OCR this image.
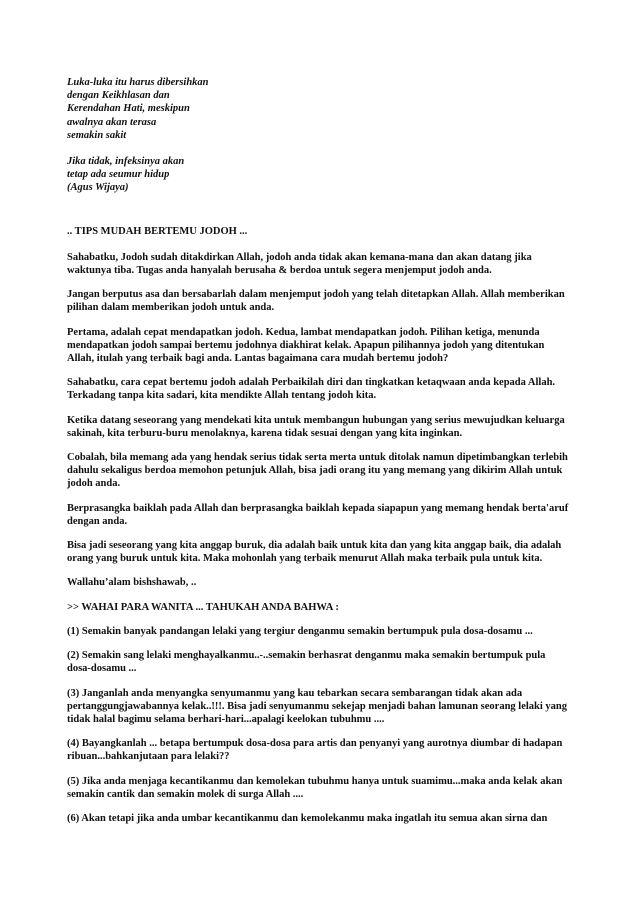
Luka-luka itu harus dibersihkan
dengan Keikhlasan dan
Kerendahan Hati, meskipun
awalnya akan terasa
semakin sakit
Jika tidak, infeksinya akan
tetap ada seumur hidup
(Agus Wijaya)
.. TIPS MUDAH BERTEMU JODOH ...

Sahabatku, Jodoh sudah ditakdirkan Allah, jodoh anda tidak akan kemana-mana dan akan datang jika waktunya tiba. Tugas anda hanyalah berusaha & berdoa untuk segera menjemput jodoh anda.

Jangan berputus asa dan bersabarlah dalam menjemput jodoh yang telah ditetapkan Allah. Allah memberikan pilihan dalam memberikan jodoh untuk anda.

Pertama, adalah cepat mendapatkan jodoh. Kedua, lambat mendapatkan jodoh. Pilihan ketiga, menunda mendapatkan jodoh sampai bertemu jodohnya diakhirat kelak. Apapun pilihannya jodoh yang ditentukan Allah, itulah yang terbaik bagi anda. Lantas bagaimana cara mudah bertemu jodoh?

Sahabatku, cara cepat bertemu jodoh adalah Perbaikilah diri dan tingkatkan ketaqwaan anda kepada Allah. Terkadang tanpa kita sadari, kita mendikte Allah tentang jodoh kita.

Ketika datang seseorang yang mendekati kita untuk membangun hubungan yang serius mewujudkan keluarga sakinah, kita terburu-buru menolaknya, karena tidak sesuai dengan yang kita inginkan.

Cobalah, bila memang ada yang hendak serius tidak serta merta untuk ditolak namun dipetimbangkan terlebih dahulu sekaligus berdoa memohon petunjuk Allah, bisa jadi orang itu yang memang yang dikirim Allah untuk jodoh anda.

Berprasangka baiklah pada Allah dan berprasangka baiklah kepada siapapun yang memang hendak berta'aruf dengan anda.

Bisa jadi seseorang yang kita anggap buruk, dia adalah baik untuk kita dan yang kita anggap baik, dia adalah orang yang buruk untuk kita. Maka mohonlah yang terbaik menurut Allah maka terbaik pula untuk kita.

Wallahu’alam bishshawab, ..

>> WAHAI PARA WANITA ... TAHUKAH ANDA BAHWA :

(1) Semakin banyak pandangan lelaki yang tergiur denganmu semakin bertumpuk pula dosa-dosamu ...

(2) Semakin sang lelaki menghayalkanmu..-..semakin berhasrat denganmu maka semakin bertumpuk pula dosa-dosamu ...

(3) Janganlah anda menyangka senyumanmu yang kau tebarkan secara sembarangan tidak akan ada pertanggungjawabannya kelak..!!!. Bisa jadi senyumanmu sekejap menjadi bahan lamunan seorang lelaki yang tidak halal bagimu selama berhari-hari...apalagi keelokan tubuhmu ....

(4) Bayangkanlah ... betapa bertumpuk dosa-dosa para artis dan penyanyi yang aurotnya diumbar di hadapan ribuan...bahkanjutaan para lelaki??

(5) Jika anda menjaga kecantikanmu dan kemolekan tubuhmu hanya untuk suamimu...maka anda kelak akan semakin cantik dan semakin molek di surga Allah ....

(6) Akan tetapi jika anda umbar kecantikanmu dan kemolekanmu maka ingatlah itu semua akan sirna dan
